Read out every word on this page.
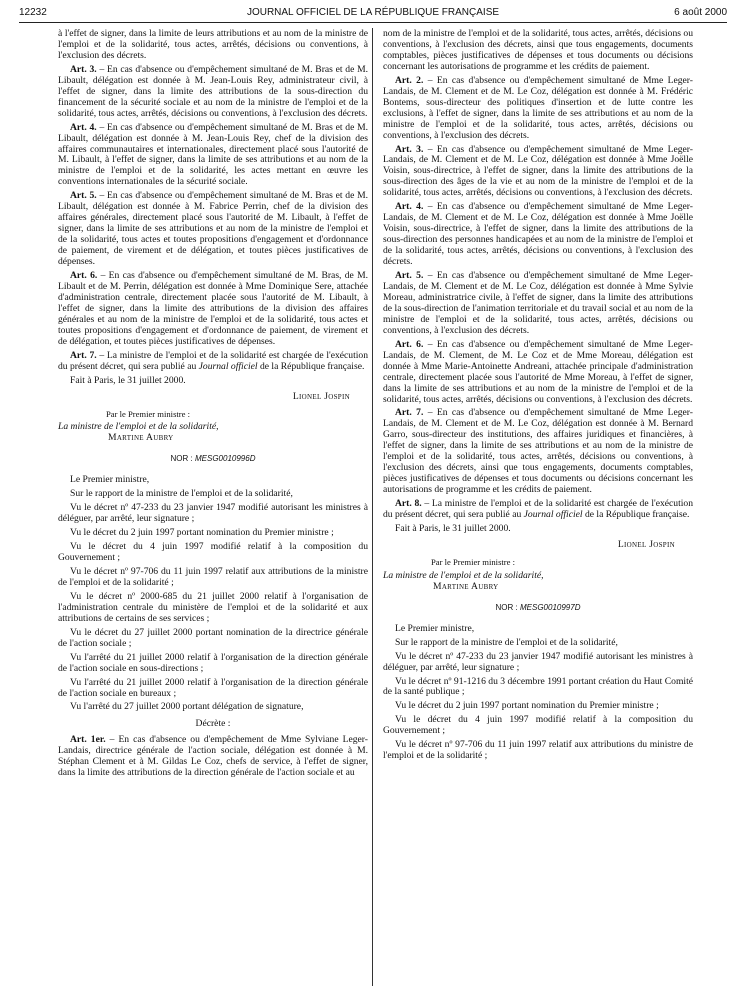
12232	JOURNAL OFFICIEL DE LA RÉPUBLIQUE FRANÇAISE	6 août 2000

à l'effet de signer, dans la limite de leurs attributions et au nom de la ministre de l'emploi et de la solidarité, tous actes, arrêtés, décisions ou conventions, à l'exclusion des décrets.

Art. 3. – En cas d'absence ou d'empêchement simultané de M. Bras et de M. Libault, délégation est donnée à M. Jean-Louis Rey, administrateur civil, à l'effet de signer, dans la limite des attributions de la sous-direction du financement de la sécurité sociale et au nom de la ministre de l'emploi et de la solidarité, tous actes, arrêtés, décisions ou conventions, à l'exclusion des décrets.

Art. 4. – En cas d'absence ou d'empêchement simultané de M. Bras et de M. Libault, délégation est donnée à M. Jean-Louis Rey, chef de la division des affaires communautaires et internationales, directement placé sous l'autorité de M. Libault, à l'effet de signer, dans la limite de ses attributions et au nom de la ministre de l'emploi et de la solidarité, les actes mettant en œuvre les conventions internationales de la sécurité sociale.

Art. 5. – En cas d'absence ou d'empêchement simultané de M. Bras et de M. Libault, délégation est donnée à M. Fabrice Perrin, chef de la division des affaires générales, directement placé sous l'autorité de M. Libault, à l'effet de signer, dans la limite de ses attributions et au nom de la ministre de l'emploi et de la solidarité, tous actes et toutes propositions d'engagement et d'ordonnance de paiement, de virement et de délégation, et toutes pièces justificatives de dépenses.

Art. 6. – En cas d'absence ou d'empêchement simultané de M. Bras, de M. Libault et de M. Perrin, délégation est donnée à Mme Dominique Sere, attachée d'administration centrale, directement placée sous l'autorité de M. Libault, à l'effet de signer, dans la limite des attributions de la division des affaires générales et au nom de la ministre de l'emploi et de la solidarité, tous actes et toutes propositions d'engagement et d'ordonnance de paiement, de virement et de délégation, et toutes pièces justificatives de dépenses.

Art. 7. – La ministre de l'emploi et de la solidarité est chargée de l'exécution du présent décret, qui sera publié au Journal officiel de la République française.

Fait à Paris, le 31 juillet 2000.

Lionel Jospin

Par le Premier ministre :

La ministre de l'emploi et de la solidarité,

Martine Aubry

NOR : MESG0010996D

Le Premier ministre,

Sur le rapport de la ministre de l'emploi et de la solidarité,

Vu le décret nº 47-233 du 23 janvier 1947 modifié autorisant les ministres à déléguer, par arrêté, leur signature ;

Vu le décret du 2 juin 1997 portant nomination du Premier ministre ;

Vu le décret du 4 juin 1997 modifié relatif à la composition du Gouvernement ;

Vu le décret nº 97-706 du 11 juin 1997 relatif aux attributions de la ministre de l'emploi et de la solidarité ;

Vu le décret nº 2000-685 du 21 juillet 2000 relatif à l'organisation de l'administration centrale du ministère de l'emploi et de la solidarité et aux attributions de certains de ses services ;

Vu le décret du 27 juillet 2000 portant nomination de la directrice générale de l'action sociale ;

Vu l'arrêté du 21 juillet 2000 relatif à l'organisation de la direction générale de l'action sociale en sous-directions ;

Vu l'arrêté du 21 juillet 2000 relatif à l'organisation de la direction générale de l'action sociale en bureaux ;

Vu l'arrêté du 27 juillet 2000 portant délégation de signature,

Décrète :

Art. 1er. – En cas d'absence ou d'empêchement de Mme Sylviane Leger-Landais, directrice générale de l'action sociale, délégation est donnée à M. Stéphan Clement et à M. Gildas Le Coz, chefs de service, à l'effet de signer, dans la limite des attributions de la direction générale de l'action sociale et au

nom de la ministre de l'emploi et de la solidarité, tous actes, arrêtés, décisions ou conventions, à l'exclusion des décrets, ainsi que tous engagements, documents comptables, pièces justificatives de dépenses et tous documents ou décisions concernant les autorisations de programme et les crédits de paiement.

Art. 2. – En cas d'absence ou d'empêchement simultané de Mme Leger-Landais, de M. Clement et de M. Le Coz, délégation est donnée à M. Frédéric Bontems, sous-directeur des politiques d'insertion et de lutte contre les exclusions, à l'effet de signer, dans la limite de ses attributions et au nom de la ministre de l'emploi et de la solidarité, tous actes, arrêtés, décisions ou conventions, à l'exclusion des décrets.

Art. 3. – En cas d'absence ou d'empêchement simultané de Mme Leger-Landais, de M. Clement et de M. Le Coz, délégation est donnée à Mme Joëlle Voisin, sous-directrice, à l'effet de signer, dans la limite des attributions de la sous-direction des âges de la vie et au nom de la ministre de l'emploi et de la solidarité, tous actes, arrêtés, décisions ou conventions, à l'exclusion des décrets.

Art. 4. – En cas d'absence ou d'empêchement simultané de Mme Leger-Landais, de M. Clement et de M. Le Coz, délégation est donnée à Mme Joëlle Voisin, sous-directrice, à l'effet de signer, dans la limite des attributions de la sous-direction des personnes handicapées et au nom de la ministre de l'emploi et de la solidarité, tous actes, arrêtés, décisions ou conventions, à l'exclusion des décrets.

Art. 5. – En cas d'absence ou d'empêchement simultané de Mme Leger-Landais, de M. Clement et de M. Le Coz, délégation est donnée à Mme Sylvie Moreau, administratrice civile, à l'effet de signer, dans la limite des attributions de la sous-direction de l'animation territoriale et du travail social et au nom de la ministre de l'emploi et de la solidarité, tous actes, arrêtés, décisions ou conventions, à l'exclusion des décrets.

Art. 6. – En cas d'absence ou d'empêchement simultané de Mme Leger-Landais, de M. Clement, de M. Le Coz et de Mme Moreau, délégation est donnée à Mme Marie-Antoinette Andreani, attachée principale d'administration centrale, directement placée sous l'autorité de Mme Moreau, à l'effet de signer, dans la limite de ses attributions et au nom de la ministre de l'emploi et de la solidarité, tous actes, arrêtés, décisions ou conventions, à l'exclusion des décrets.

Art. 7. – En cas d'absence ou d'empêchement simultané de Mme Leger-Landais, de M. Clement et de M. Le Coz, délégation est donnée à M. Bernard Garro, sous-directeur des institutions, des affaires juridiques et financières, à l'effet de signer, dans la limite de ses attributions et au nom de la ministre de l'emploi et de la solidarité, tous actes, arrêtés, décisions ou conventions, à l'exclusion des décrets, ainsi que tous engagements, documents comptables, pièces justificatives de dépenses et tous documents ou décisions concernant les autorisations de programme et les crédits de paiement.

Art. 8. – La ministre de l'emploi et de la solidarité est chargée de l'exécution du présent décret, qui sera publié au Journal officiel de la République française.

Fait à Paris, le 31 juillet 2000.

Lionel Jospin

Par le Premier ministre :

La ministre de l'emploi et de la solidarité,

Martine Aubry

NOR : MESG0010997D

Le Premier ministre,

Sur le rapport de la ministre de l'emploi et de la solidarité,

Vu le décret nº 47-233 du 23 janvier 1947 modifié autorisant les ministres à déléguer, par arrêté, leur signature ;

Vu le décret nº 91-1216 du 3 décembre 1991 portant création du Haut Comité de la santé publique ;

Vu le décret du 2 juin 1997 portant nomination du Premier ministre ;

Vu le décret du 4 juin 1997 modifié relatif à la composition du Gouvernement ;

Vu le décret nº 97-706 du 11 juin 1997 relatif aux attributions du ministre de l'emploi et de la solidarité ;
